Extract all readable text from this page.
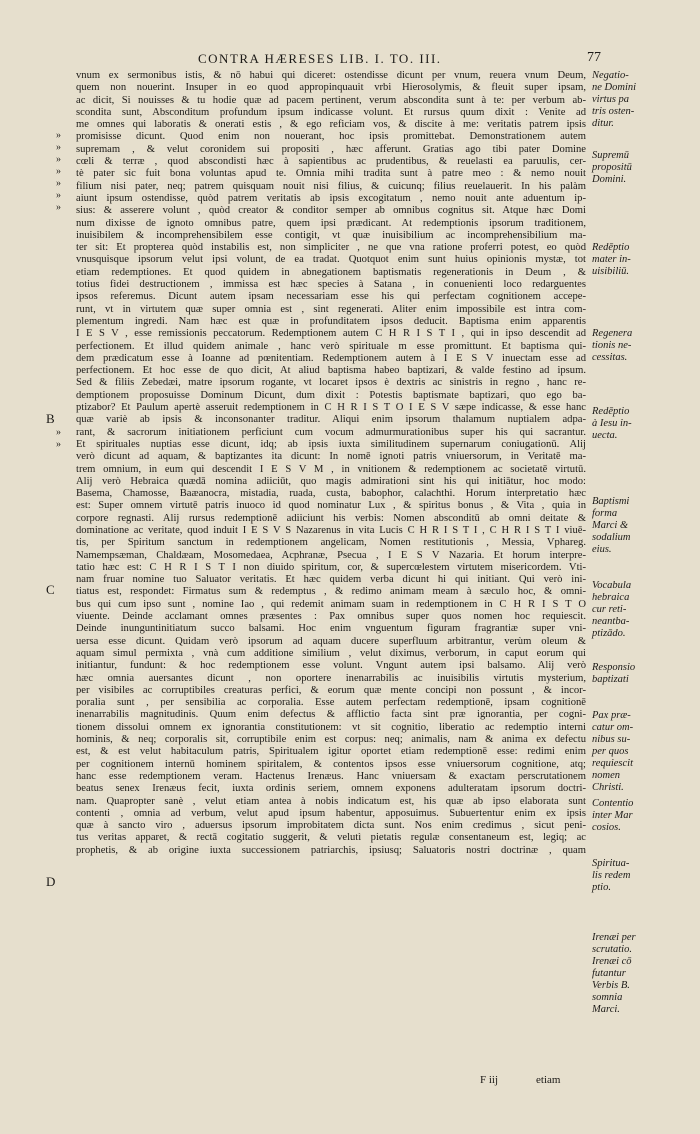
CONTRA HÆRESES LIB. I. TO. III.	77
vnum ex sermonibus istis, & nō habui qui diceret: ostendisse dicunt per vnum, reuera vnum Deum,
quem non nouerint. Insuper in eo quod appropinquauit vrbi Hierosolymis, & fleuit super ipsam,
ac dicit, Si nouisses & tu hodie quæ ad pacem pertinent, verum abscondita sunt à te: per verbum ab-
scondita sunt, Absconditum profundum ipsum indicasse volunt. Et rursus quum dixit : Venite ad
me omnes qui laboratis & onerati estis , & ego reficiam vos, & discite à me: veritatis patrem ipsis
promisisse dicunt. Quod enim non nouerant, hoc ipsis promittebat. Demonstrationem autem
supremam , & velut coronidem sui propositi , hæc afferunt. Gratias ago tibi pater Domine
cœli & terræ , quod abscondisti hæc à sapientibus ac prudentibus, & reuelasti ea paruulis, cer-
tè pater sic fuit bona voluntas apud te. Omnia mihi tradita sunt à patre meo : & nemo nouit
filium nisi pater, neq; patrem quisquam nouit nisi filius, & cuicunq; filius reuelauerit. In his palàm
aiunt ipsum ostendisse, quòd patrem veritatis ab ipsis excogitatum , nemo nouit ante aduentum ip-
sius: & asserere volunt , quòd creator & conditor semper ab omnibus cognitus sit. Atque hæc Domi
num dixisse de ignoto omnibus patre, quem ipsi prædicant. At redemptionis ipsorum traditionem,
inuisibilem & incomprehensibilem esse contigit, vt quæ inuisibilium ac incomprehensibilium ma-
ter sit: Et propterea quòd instabilis est, non simpliciter , ne que vna ratione proferri potest, eo quòd
vnusquisque ipsorum velut ipsi volunt, de ea tradat. Quotquot enim sunt huius opinionis mystæ, tot
etiam redemptiones. Et quod quidem in abnegationem baptismatis regenerationis in Deum , &
totius fidei destructionem , immissa est hæc species à Satana , in conuenienti loco redarguentes
ipsos referemus. Dicunt autem ipsam necessariam esse his qui perfectam cognitionem accepe-
runt, vt in virtutem quæ super omnia est , sint regenerati. Aliter enim impossibile est intra com-
plementum ingredi. Nam hæc est quæ in profunditatem ipsos deducit. Baptisma enim apparentis
I E S V , esse remissionis peccatorum. Redemptionem autem C H R I S T I , qui in ipso descendit ad
perfectionem. Et illud quidem animale , hanc verò spirituale m esse promittunt. Et baptisma qui-
dem prædicatum esse à Ioanne ad pœnitentiam. Redemptionem autem à I E S V inuectam esse ad
perfectionem. Et hoc esse de quo dicit, At aliud baptisma habeo baptizari, & valde festino ad ipsum.
Sed & filiis Zebedæi, matre ipsorum rogante, vt locaret ipsos è dextris ac sinistris in regno , hanc re-
demptionem proposuisse Dominum Dicunt, dum dixit : Potestis baptismate baptizari, quo ego ba-
ptizabor? Et Paulum apertè asseruit redemptionem in C H R I S T O I E S V sæpe indicasse, & esse hanc
quæ variè ab ipsis & inconsonanter traditur. Aliqui enim ipsorum thalamum nuptialem adpa-
rant, & sacrorum initiationem perficiunt cum vocum admurmurationibus super his qui sacrantur.
Et spirituales nuptias esse dicunt, idq; ab ipsis iuxta similitudinem supernarum coniugationū. Alij
verò dicunt ad aquam, & baptizantes ita dicunt: In nomē ignoti patris vniuersorum, in Veritatē ma-
trem omnium, in eum qui descendit I E S V M , in vnitionem & redemptionem ac societatē virtutū.
Alij verò Hebraica quædā nomina adiiciūt, quo magis admirationi sint his qui initiātur, hoc modo:
Basema, Chamosse, Baæanocra, mistadia, ruada, custa, babophor, calachthi. Horum interpretatio hæc
est: Super omnem virtutē patris inuoco id quod nominatur Lux , & spiritus bonus , & Vita , quia in
corpore regnasti. Alij rursus redemptionē adiiciunt his verbis: Nomen absconditū ab omni deitate &
dominatione ac veritate, quod induit I E S V S Nazarenus in vita Lucis C H R I S T I , C H R I S T I viuē-
tis, per Spiritum sanctum in redemptionem angelicam, Nomen restitutionis , Messia, Vphareg.
Namempsæman, Chaldæam, Mosomedaea, Acphranæ, Psecua , I E S V Nazaria. Et horum interpre-
tatio hæc est: C H R I S T I non diuido spiritum, cor, & supercœlestem virtutem misericordem. Vti-
nam fruar nomine tuo Saluator veritatis. Et hæc quidem verba dicunt hi qui initiant. Qui verò ini-
tiatus est, respondet: Firmatus sum & redemptus , & redimo animam meam à sæculo hoc, & omni-
bus qui cum ipso sunt , nomine Iao , qui redemit animam suam in redemptionem in C H R I S T O
viuente. Deinde acclamant omnes præsentes : Pax omnibus super quos nomen hoc requiescit.
Deinde inunguntinitiatum succo balsami. Hoc enim vnguentum figuram fragrantiæ super vni-
uersa esse dicunt. Quidam verò ipsorum ad aquam ducere superfluum arbitrantur, verùm oleum &
aquam simul permixta , vnà cum additione similium , velut diximus, verborum, in caput eorum qui
initiantur, fundunt: & hoc redemptionem esse volunt. Vngunt autem ipsi balsamo. Alij verò
hæc omnia auersantes dicunt , non oportere inenarrabilis ac inuisibilis virtutis mysterium,
per visibiles ac corruptibiles creaturas perfici, & eorum quæ mente concipi non possunt , & incor-
poralia sunt , per sensibilia ac corporalia. Esse autem perfectam redemptionē, ipsam cognitionē
inenarrabilis magnitudinis. Quum enim defectus & afflictio facta sint præ ignorantia, per cogni-
tionem dissolui omnem ex ignorantia constitutionem: vt sit cognitio, liberatio ac redemptio interni
hominis, & neq; corporalis sit, corruptibile enim est corpus: neq; animalis, nam & anima ex defectu
est, & est velut habitaculum patris, Spiritualem igitur oportet etiam redemptionē esse: redimi enim
per cognitionem internū hominem spiritalem, & contentos ipsos esse vniuersorum cognitione, atq;
hanc esse redemptionem veram. Hactenus Irenæus. Hanc vniuersam & exactam perscrutationem
beatus senex Irenæus fecit, iuxta ordinis seriem, omnem exponens adulteratam ipsorum doctri-
nam. Quapropter sanè , velut etiam antea à nobis indicatum est, his quæ ab ipso elaborata sunt
contenti , omnia ad verbum, velut apud ipsum habentur, apposuimus. Subuertentur enim ex ipsis
quæ à sancto viro , aduersus ipsorum improbitatem dicta sunt. Nos enim credimus , sicut peni-
tus veritas apparet, & rectā cogitatio suggerit, & velutì pietatis regulæ consentaneum est, legiq; ac
prophetis, & ab origine iuxta successionem patriarchis, ipsiusq; Saluatoris nostri doctrinæ , quam
Negatio-
ne Domini
virtus pa
tris osten-
ditur.
Supremū
propositū
Domini.
Redēptio
mater in-
uisibiliū.
Regenera
tionis ne-
cessitas.
Redēptio
à Iesu in-
uecta.
Baptismi
forma
Marci &
sodalium
eius.
Vocabula
hebraica
cur reti-
neantba-
ptizādo.
Responsio
baptizati
Pax præ-
catur om-
nibus su-
per quos
requiescit
nomen
Christi.
Contentio
inter Mar
cosios.
Spiritua-
lis redem
ptio.
Irenæi per
scrutatio.
Irenæi cō
futantur
Verbis B.
somnia
Marci.
»
»
»
»
»
»
»
»
»
B
C
D
F iij	etiam
